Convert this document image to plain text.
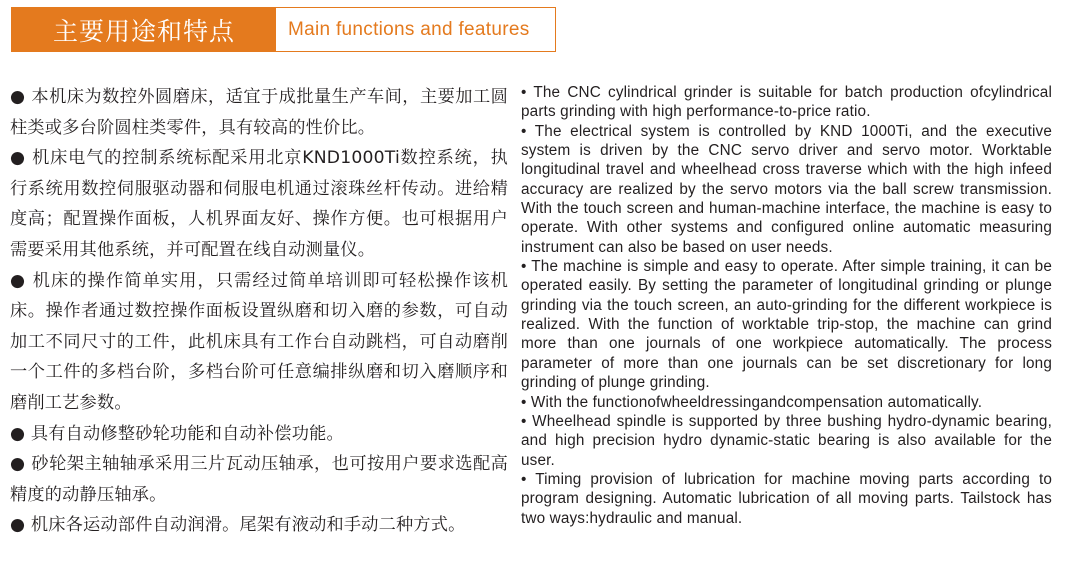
主要用途和特点	Main functions and features

● 本机床为数控外圆磨床，适宜于成批量生产车间，主要加工圆柱类或多台阶圆柱类零件，具有较高的性价比。

● 机床电气的控制系统标配采用北京KND1000Ti数控系统，执行系统用数控伺服驱动器和伺服电机通过滚珠丝杆传动。进给精度高；配置操作面板，人机界面友好、操作方便。也可根据用户需要采用其他系统，并可配置在线自动测量仪。

● 机床的操作简单实用，只需经过简单培训即可轻松操作该机床。操作者通过数控操作面板设置纵磨和切入磨的参数，可自动加工不同尺寸的工件，此机床具有工作台自动跳档，可自动磨削一个工件的多档台阶，多档台阶可任意编排纵磨和切入磨顺序和磨削工艺参数。

● 具有自动修整砂轮功能和自动补偿功能。

● 砂轮架主轴轴承采用三片瓦动压轴承，也可按用户要求选配高精度的动静压轴承。

● 机床各运动部件自动润滑。尾架有液动和手动二种方式。

• The CNC cylindrical grinder is suitable for batch production ofcylindrical parts grinding with high performance-to-price ratio.

• The electrical system is controlled by KND 1000Ti, and the executive system is driven by the CNC servo driver and servo motor. Worktable longitudinal travel and wheelhead cross traverse which with the high infeed accuracy are realized by the servo motors via the ball screw transmission. With the touch screen and human-machine interface, the machine is easy to operate. With other systems and configured online automatic measuring instrument can also be based on user needs.

• The machine is simple and easy to operate. After simple training, it can be operated easily. By setting the parameter of longitudinal grinding or plunge grinding via the touch screen, an auto-grinding for the different workpiece is realized. With the function of worktable trip-stop, the machine can grind more than one journals of one workpiece automatically. The process parameter of more than one journals can be set discretionary for long grinding of plunge grinding.

• With the functionofwheeldressingandcompensation automatically.

• Wheelhead spindle is supported by three bushing hydro-dynamic bearing, and high precision hydro dynamic-static bearing is also available for the user.

• Timing provision of lubrication for machine moving parts according to program designing. Automatic lubrication of all moving parts. Tailstock has two ways:hydraulic and manual.
